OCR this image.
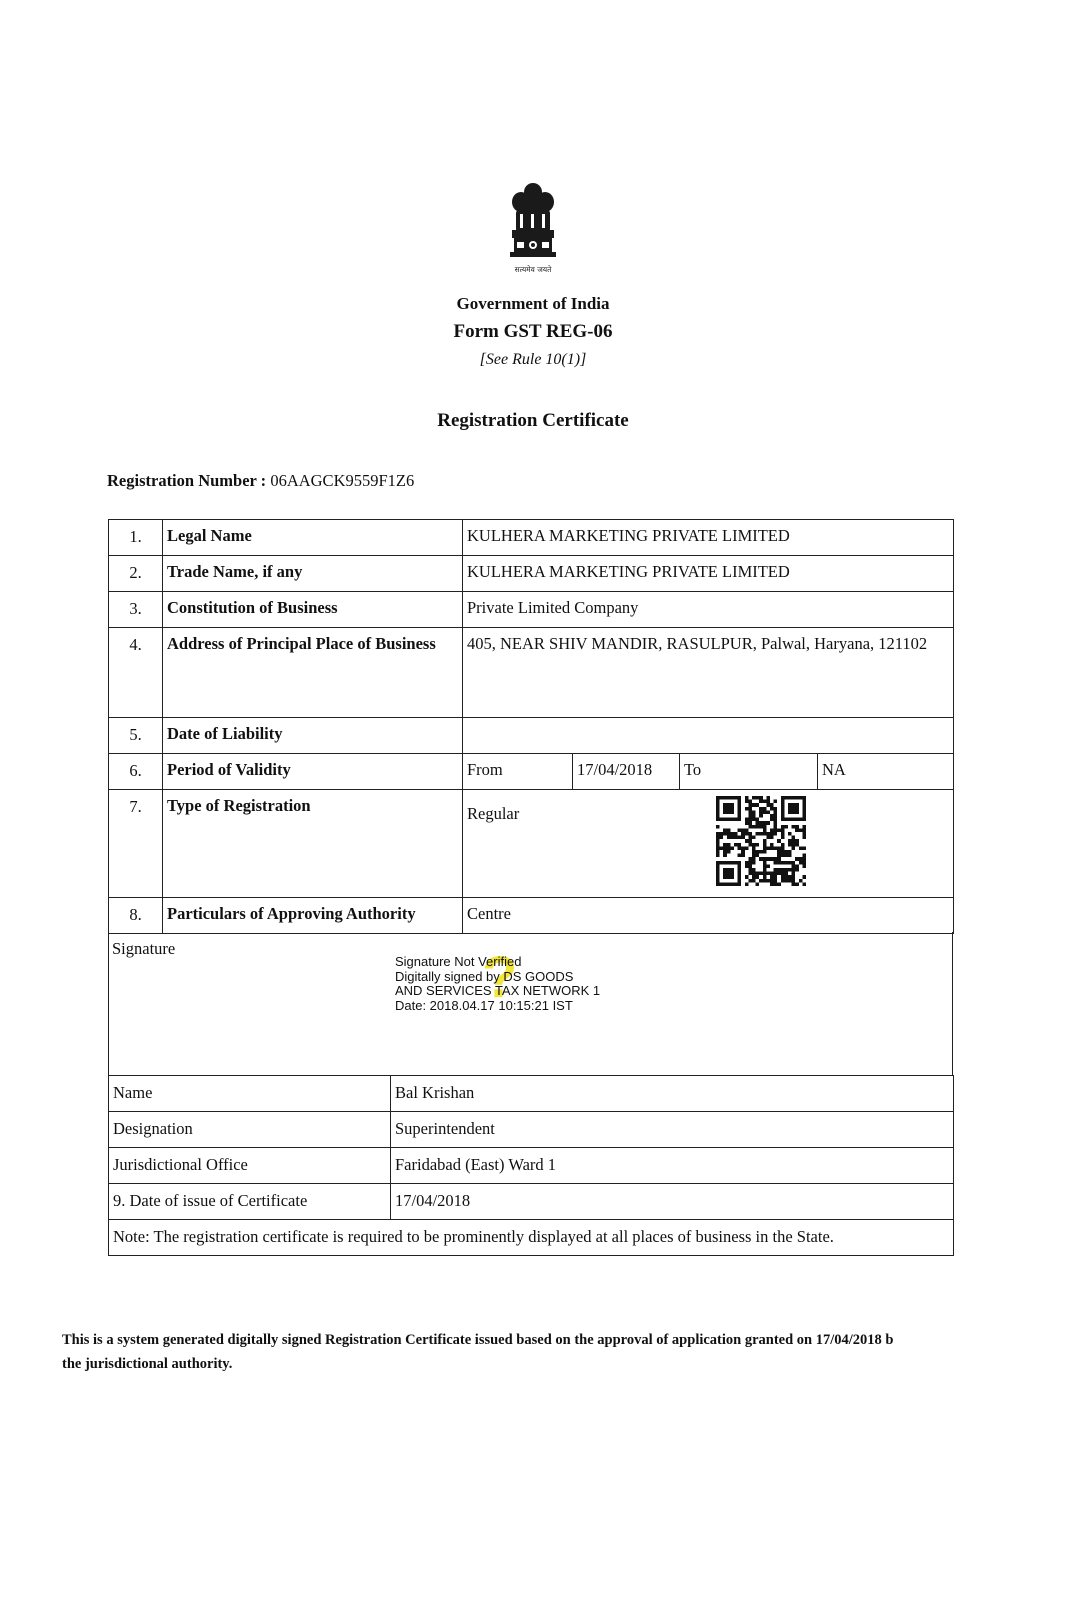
सत्यमेव जयते
Government of India
Form GST REG-06
[See Rule 10(1)]
Registration Certificate
Registration Number : 06AAGCK9559F1Z6
1.	Legal Name	KULHERA MARKETING PRIVATE LIMITED			
2.	Trade Name, if any	KULHERA MARKETING PRIVATE LIMITED			
3.	Constitution of Business	Private Limited Company			
4.	Address of Principal Place of Business	405, NEAR SHIV MANDIR, RASULPUR, Palwal, Haryana, 121102			
5.	Date of Liability				
6.	Period of Validity	From	17/04/2018	To	NA
7.	Type of Registration	Regular			
8.	Particulars of Approving Authority	Centre			
Signature	?
Signature Not Verified
Digitally signed by DS GOODS
AND SERVICES TAX NETWORK 1
Date: 2018.04.17 10:15:21 IST
Name	Bal Krishan
Designation	Superintendent
Jurisdictional Office	Faridabad (East) Ward 1
9. Date of issue of Certificate	17/04/2018
Note: The registration certificate is required to be prominently displayed at all places of business in the State.	
This is a system generated digitally signed Registration Certificate issued based on the approval of application granted on 17/04/2018 b
the jurisdictional authority.
